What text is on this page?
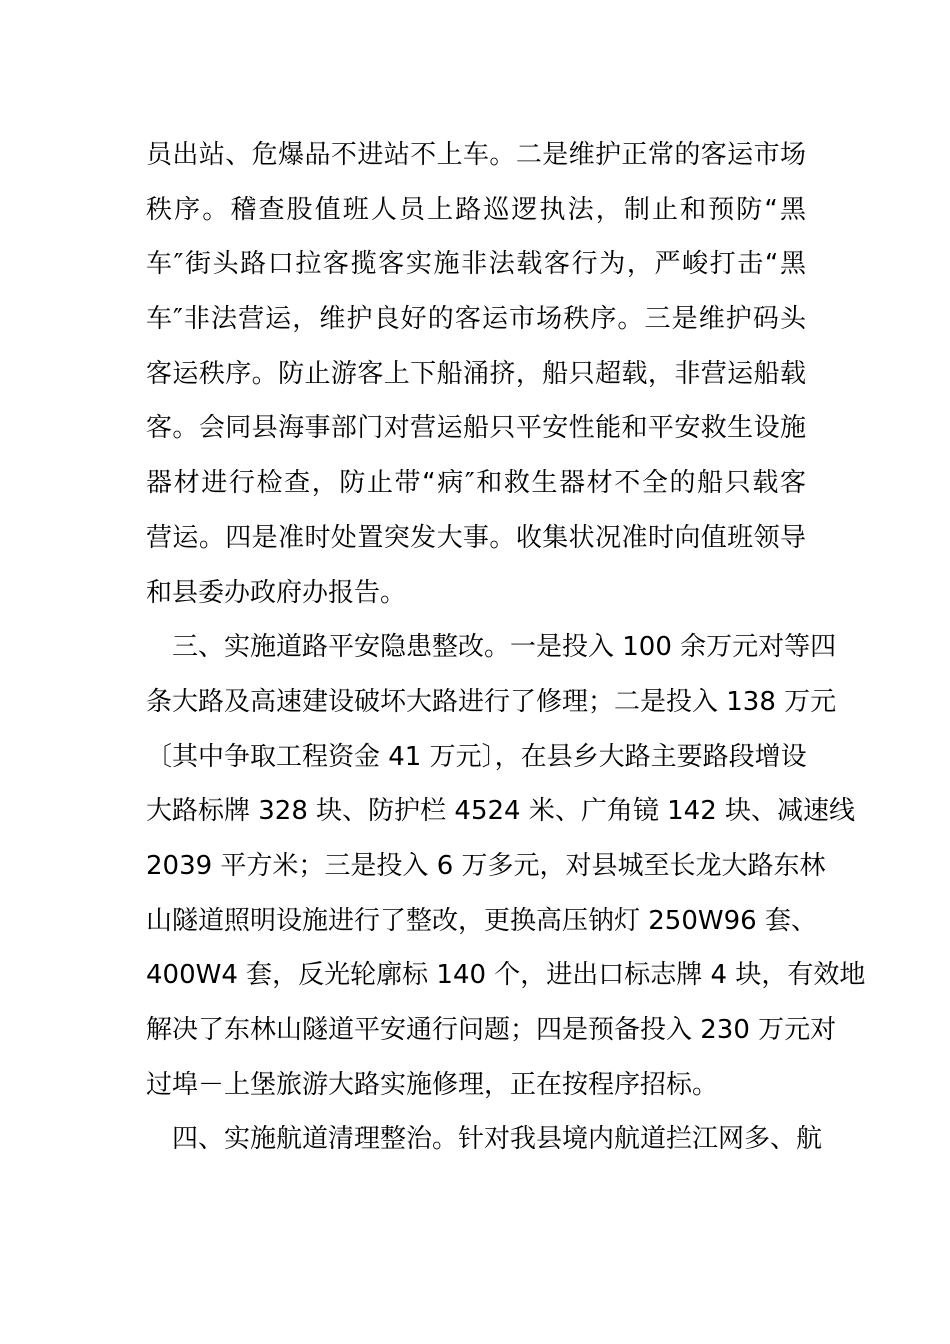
员出站、危爆品不进站不上车。二是维护正常的客运市场
秩序。稽查股值班人员上路巡逻执法，制止和预防“黑
车″街头路口拉客揽客实施非法载客行为，严峻打击“黑
车″非法营运，维护良好的客运市场秩序。三是维护码头
客运秩序。防止游客上下船涌挤，船只超载，非营运船载
客。会同县海事部门对营运船只平安性能和平安救生设施
器材进行检查，防止带“病″和救生器材不全的船只载客
营运。四是准时处置突发大事。收集状况准时向值班领导
和县委办政府办报告。
三、实施道路平安隐患整改。一是投入 100 余万元对等四
条大路及高速建设破坏大路进行了修理；二是投入 138 万元
〔其中争取工程资金 41 万元〕，在县乡大路主要路段增设
大路标牌 328 块、防护栏 4524 米、广角镜 142 块、减速线
2039 平方米；三是投入 6 万多元，对县城至长龙大路东林
山隧道照明设施进行了整改，更换高压钠灯 250W96 套、
400W4 套，反光轮廓标 140 个，进出口标志牌 4 块，有效地
解决了东林山隧道平安通行问题；四是预备投入 230 万元对
过埠－上堡旅游大路实施修理，正在按程序招标。
四、实施航道清理整治。针对我县境内航道拦江网多、航
